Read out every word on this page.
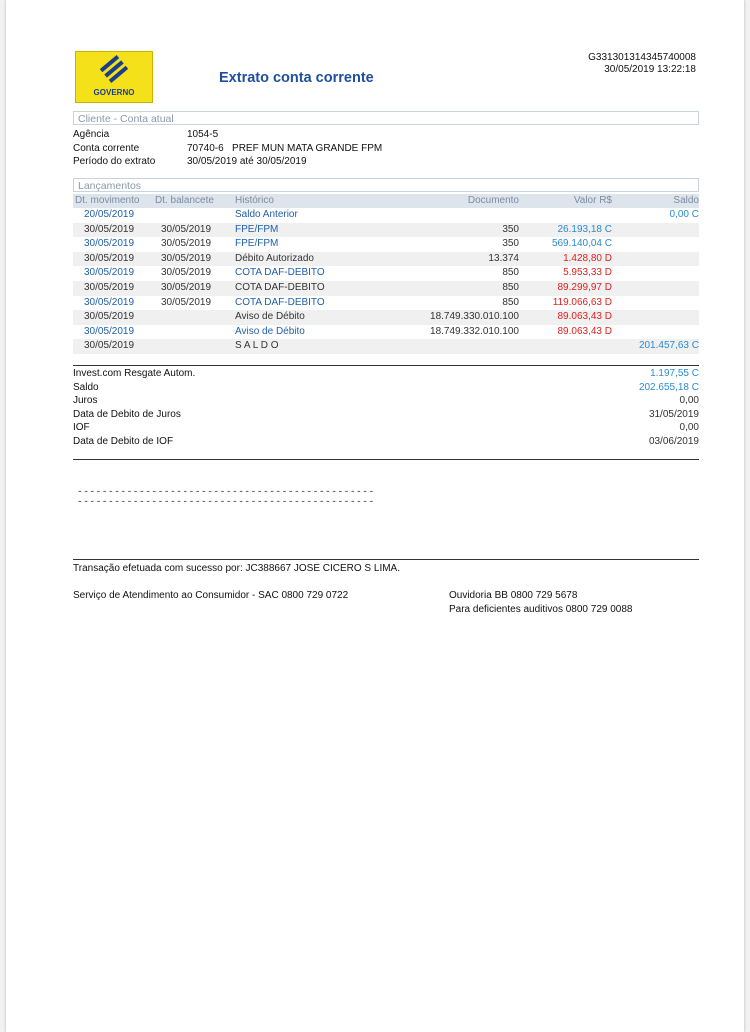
GOVERNO
Extrato conta corrente
G331301314345740008
30/05/2019 13:22:18
Cliente - Conta atual
Agência	1054-5
Conta corrente	70740-6   PREF MUN MATA GRANDE FPM
Período do extrato	30/05/2019 até 30/05/2019
Lançamentos
Dt. movimento Dt. balancete Histórico	Documento	Valor R$	Saldo
20/05/2019	Saldo Anterior	0,00 C
30/05/2019	30/05/2019 FPE/FPM	350	26.193,18 C
30/05/2019	30/05/2019 FPE/FPM	350	569.140,04 C
30/05/2019	30/05/2019 Débito Autorizado	13.374	1.428,80 D
30/05/2019	30/05/2019 COTA DAF-DEBITO	850	5.953,33 D
30/05/2019	30/05/2019 COTA DAF-DEBITO	850	89.299,97 D
30/05/2019	30/05/2019 COTA DAF-DEBITO	850	119.066,63 D
30/05/2019	Aviso de Débito	18.749.330.010.100	89.063,43 D
30/05/2019	Aviso de Débito	18.749.332.010.100	89.063,43 D
30/05/2019	S A L D O	201.457,63 C
Invest.com Resgate Autom.	1.197,55 C
Saldo	202.655,18 C
Juros	0,00
Data de Debito de Juros	31/05/2019
IOF	0,00
Data de Debito de IOF	03/06/2019
------------------------------------------------
------------------------------------------------
Transação efetuada com sucesso por: JC388667 JOSE CICERO S LIMA.
Serviço de Atendimento ao Consumidor - SAC 0800 729 0722	Ouvidoria BB 0800 729 5678
Para deficientes auditivos 0800 729 0088
